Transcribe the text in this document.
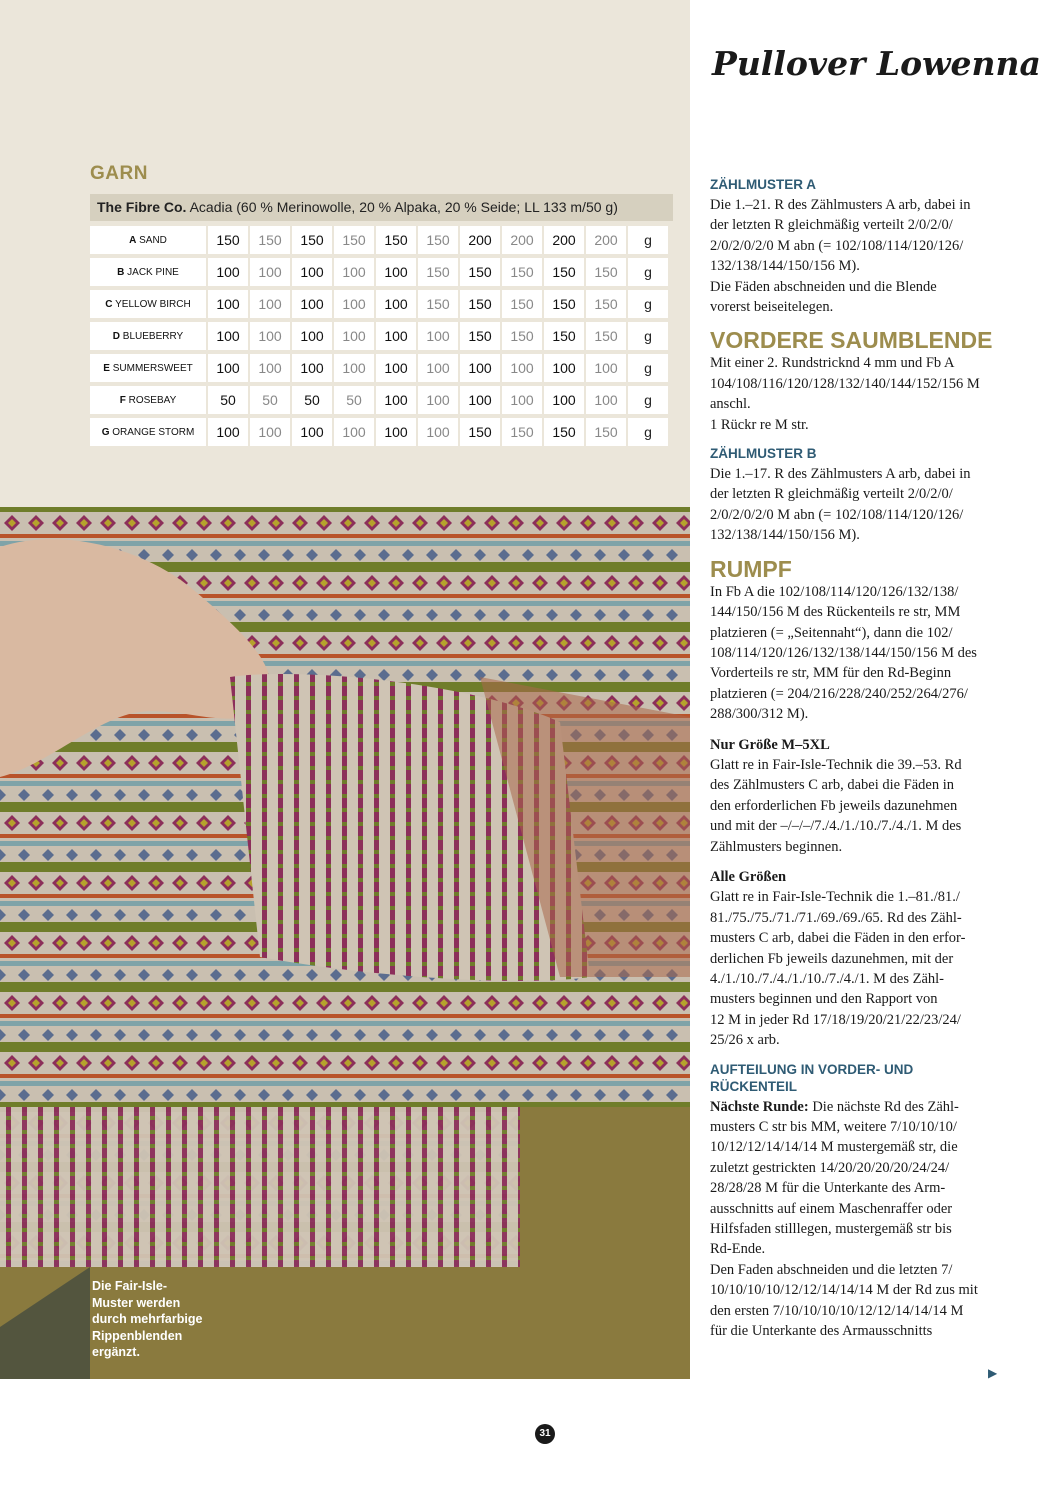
Pullover Lowenna
GARN
The Fibre Co. Acadia (60 % Merinowolle, 20 % Alpaka, 20 % Seide; LL 133 m/50 g)
A SAND	150	150	150	150	150	150	200	200	200	200	g
B JACK PINE	100	100	100	100	100	150	150	150	150	150	g
C YELLOW BIRCH	100	100	100	100	100	150	150	150	150	150	g
D BLUEBERRY	100	100	100	100	100	100	150	150	150	150	g
E SUMMERSWEET	100	100	100	100	100	100	100	100	100	100	g
F ROSEBAY	50	50	50	50	100	100	100	100	100	100	g
G ORANGE STORM	100	100	100	100	100	100	150	150	150	150	g
Die Fair-Isle-
Muster werden
durch mehrfarbige
Rippenblenden
ergänzt.
ZÄHLMUSTER A
Die 1.–21. R des Zählmusters A arb, dabei in
der letzten R gleichmäßig verteilt 2/0/2/0/
2/0/2/0/2/0 M abn (= 102/108/114/120/126/
132/138/144/150/156 M).
Die Fäden abschneiden und die Blende
vorerst beiseitelegen.
VORDERE SAUMBLENDE
Mit einer 2. Rundstricknd 4 mm und Fb A
104/108/116/120/128/132/140/144/152/156 M
anschl.
1 Rückr re M str.
ZÄHLMUSTER B
Die 1.–17. R des Zählmusters A arb, dabei in
der letzten R gleichmäßig verteilt 2/0/2/0/
2/0/2/0/2/0 M abn (= 102/108/114/120/126/
132/138/144/150/156 M).
RUMPF
In Fb A die 102/108/114/120/126/132/138/
144/150/156 M des Rückenteils re str, MM
platzieren (= „Seitennaht“), dann die 102/
108/114/120/126/132/138/144/150/156 M des
Vorderteils re str, MM für den Rd-Beginn
platzieren (= 204/216/228/240/252/264/276/
288/300/312 M).
Nur Größe M–5XL
Glatt re in Fair-Isle-Technik die 39.–53. Rd
des Zählmusters C arb, dabei die Fäden in
den erforderlichen Fb jeweils dazunehmen
und mit der –/–/–/7./4./1./10./7./4./1. M des
Zählmusters beginnen.
Alle Größen
Glatt re in Fair-Isle-Technik die 1.–81./81./
81./75./75./71./71./69./69./65. Rd des Zähl-
musters C arb, dabei die Fäden in den erfor-
derlichen Fb jeweils dazunehmen, mit der
4./1./10./7./4./1./10./7./4./1. M des Zähl-
musters beginnen und den Rapport von
12 M in jeder Rd 17/18/19/20/21/22/23/24/
25/26 x arb.
AUFTEILUNG IN VORDER- UND
RÜCKENTEIL
Nächste Runde: Die nächste Rd des Zähl-
musters C str bis MM, weitere 7/10/10/10/
10/12/12/14/14/14 M mustergemäß str, die
zuletzt gestrickten 14/20/20/20/20/24/24/
28/28/28 M für die Unterkante des Arm-
ausschnitts auf einem Maschenraffer oder
Hilfsfaden stilllegen, mustergemäß str bis
Rd-Ende.
Den Faden abschneiden und die letzten 7/
10/10/10/10/12/12/14/14/14 M der Rd zus mit
den ersten 7/10/10/10/10/12/12/14/14/14 M
für die Unterkante des Armausschnitts
▶
31
